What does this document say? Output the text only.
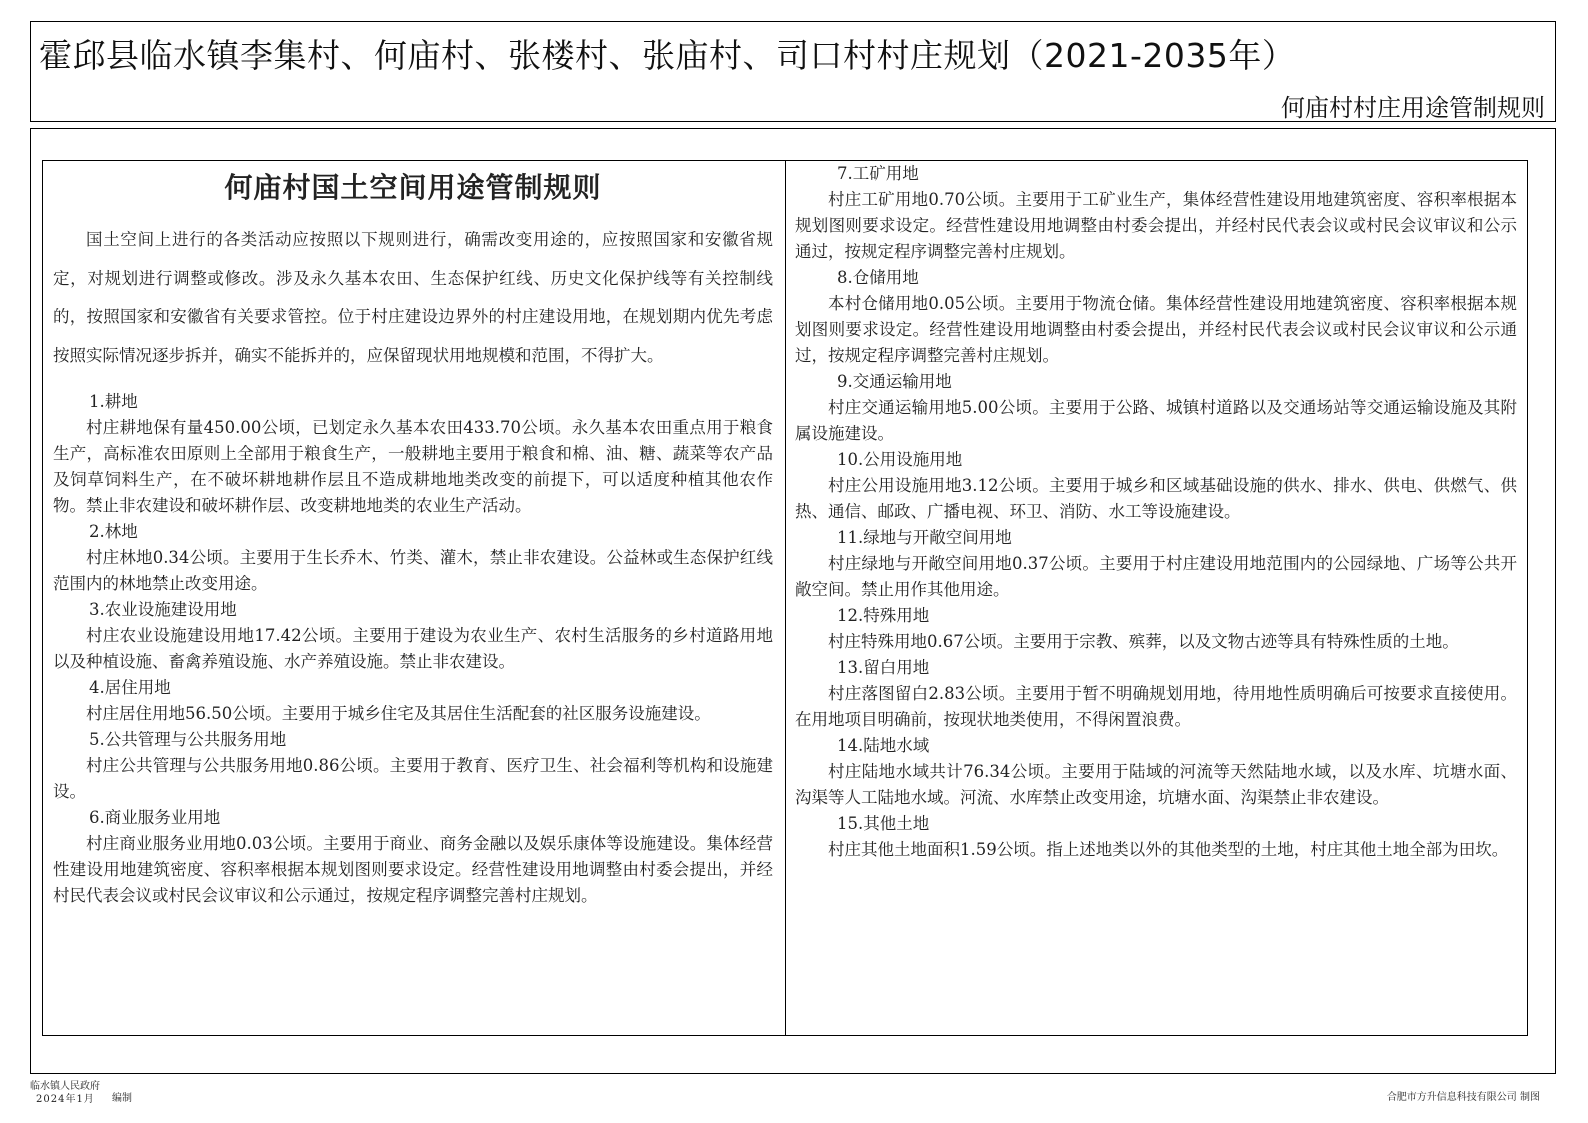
霍邱县临水镇李集村、何庙村、张楼村、张庙村、司口村村庄规划（2021-2035年）
何庙村村庄用途管制规则
何庙村国土空间用途管制规则

国土空间上进行的各类活动应按照以下规则进行，确需改变用途的，应按照国家和安徽省规定，对规划进行调整或修改。涉及永久基本农田、生态保护红线、历史文化保护线等有关控制线的，按照国家和安徽省有关要求管控。位于村庄建设边界外的村庄建设用地，在规划期内优先考虑按照实际情况逐步拆并，确实不能拆并的，应保留现状用地规模和范围，不得扩大。

1.耕地

村庄耕地保有量450.00公顷，已划定永久基本农田433.70公顷。永久基本农田重点用于粮食生产，高标准农田原则上全部用于粮食生产，一般耕地主要用于粮食和棉、油、糖、蔬菜等农产品及饲草饲料生产，在不破坏耕地耕作层且不造成耕地地类改变的前提下，可以适度种植其他农作物。禁止非农建设和破坏耕作层、改变耕地地类的农业生产活动。

2.林地

村庄林地0.34公顷。主要用于生长乔木、竹类、灌木，禁止非农建设。公益林或生态保护红线范围内的林地禁止改变用途。

3.农业设施建设用地

村庄农业设施建设用地17.42公顷。主要用于建设为农业生产、农村生活服务的乡村道路用地以及种植设施、畜禽养殖设施、水产养殖设施。禁止非农建设。

4.居住用地

村庄居住用地56.50公顷。主要用于城乡住宅及其居住生活配套的社区服务设施建设。

5.公共管理与公共服务用地

村庄公共管理与公共服务用地0.86公顷。主要用于教育、医疗卫生、社会福利等机构和设施建设。

6.商业服务业用地

村庄商业服务业用地0.03公顷。主要用于商业、商务金融以及娱乐康体等设施建设。集体经营性建设用地建筑密度、容积率根据本规划图则要求设定。经营性建设用地调整由村委会提出，并经村民代表会议或村民会议审议和公示通过，按规定程序调整完善村庄规划。

7.工矿用地

村庄工矿用地0.70公顷。主要用于工矿业生产，集体经营性建设用地建筑密度、容积率根据本规划图则要求设定。经营性建设用地调整由村委会提出，并经村民代表会议或村民会议审议和公示通过，按规定程序调整完善村庄规划。

8.仓储用地

本村仓储用地0.05公顷。主要用于物流仓储。集体经营性建设用地建筑密度、容积率根据本规划图则要求设定。经营性建设用地调整由村委会提出，并经村民代表会议或村民会议审议和公示通过，按规定程序调整完善村庄规划。

9.交通运输用地

村庄交通运输用地5.00公顷。主要用于公路、城镇村道路以及交通场站等交通运输设施及其附属设施建设。

10.公用设施用地

村庄公用设施用地3.12公顷。主要用于城乡和区域基础设施的供水、排水、供电、供燃气、供热、通信、邮政、广播电视、环卫、消防、水工等设施建设。

11.绿地与开敞空间用地

村庄绿地与开敞空间用地0.37公顷。主要用于村庄建设用地范围内的公园绿地、广场等公共开敞空间。禁止用作其他用途。

12.特殊用地

村庄特殊用地0.67公顷。主要用于宗教、殡葬，以及文物古迹等具有特殊性质的土地。

13.留白用地

村庄落图留白2.83公顷。主要用于暂不明确规划用地，待用地性质明确后可按要求直接使用。在用地项目明确前，按现状地类使用，不得闲置浪费。

14.陆地水域

村庄陆地水域共计76.34公顷。主要用于陆域的河流等天然陆地水域，以及水库、坑塘水面、沟渠等人工陆地水域。河流、水库禁止改变用途，坑塘水面、沟渠禁止非农建设。

15.其他土地

村庄其他土地面积1.59公顷。指上述地类以外的其他类型的土地，村庄其他土地全部为田坎。

临水镇人民政府
2024年1月	编制	合肥市方升信息科技有限公司 制图
